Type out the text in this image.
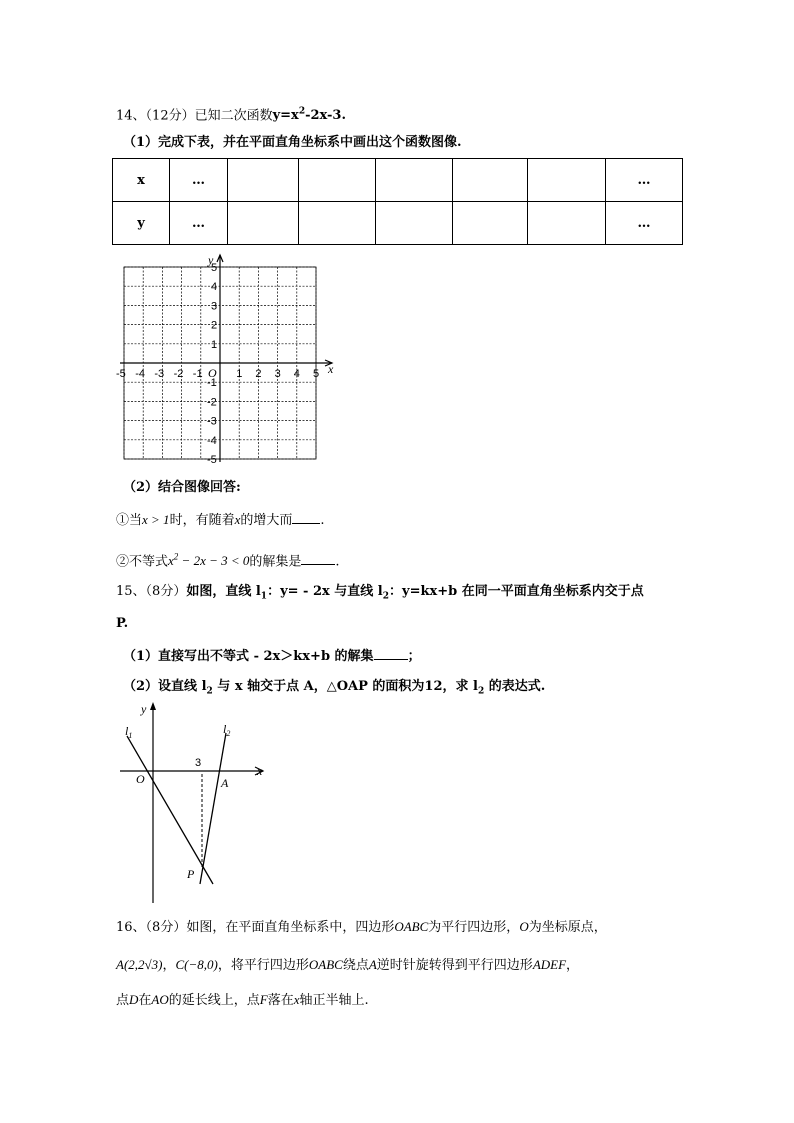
14、（12分）已知二次函数$y=x^2-2x-3$.
（1）完成下表，并在平面直角坐标系中画出这个函数图像.
x	…						…
y	…						…
-5 -4 -3 -2 -1	1 2 3 4 5
5
4
3
2
1
-1
-2
-3
-4
-5
O	x
y
（2）结合图像回答:
①当x > 1时，有随着x的增大而 .
②不等式$x^2 - 2x - 3 < 0$的解集是	.
15、（8分）如图，直线 $l_1$：y= - 2x 与直线 $l_2$：y=kx+b 在同一平面直角坐标系内交于点
P.
（1）直接写出不等式 - 2x＞kx+b 的解集	；
（2）设直线 $l_2$ 与 x 轴交于点 A，△OAP 的面积为12，求 $l_2$ 的表达式.
y
x
O
$l_1$	$l_2$
3
A
P
16、（8分）如图，在平面直角坐标系中，四边形OABC为平行四边形，O为坐标原点，
A(2,2√3)，C(−8,0)，将平行四边形OABC绕点A逆时针旋转得到平行四边形ADEF，
点D在AO的延长线上，点F落在x轴正半轴上.
